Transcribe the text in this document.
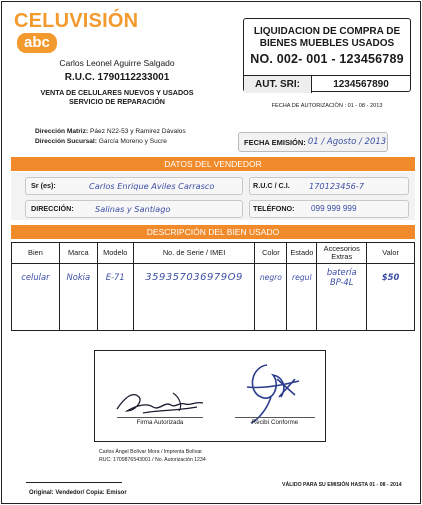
CELUVISIÓNabc
Carlos Leonel Aguirre Salgado
R.U.C. 1790112233001
VENTA DE CELULARES NUEVOS Y USADOS
SERVICIO DE REPARACIÓN
LIQUIDACION DE COMPRA DE
BIENES MUEBLES USADOS
NO. 002- 001 - 123456789
AUT. SRI:	1234567890
FECHA DE AUTORIZACIÓN : 01 - 08 - 2013
Dirección Matriz: Páez N22-53 y Ramirez Dávalos
Dirección Sucursal: García Moreno y Sucre	FECHA EMISIÓN: 01 / Agosto / 2013
DATOS DEL VENDEDOR
Sr (es):	Carlos Enrique Aviles Carrasco	R.U.C / C.I. 170123456-7
DIRECCIÓN:	Salinas y Santiago	TELÉFONO: 099 999 999
DESCRIPCIÓN DEL BIEN USADO
Bien	Marca	Modelo	No. de Serie / IMEI	Color	Estado	Accesorios Extras	Valor
celular	Nokia	E-71	359357036979O9	negro	regul	batería BP-4L	$50
Firma Autorizada	Recibí Conforme
Carlos Ángel Bolívar Mora / Imprenta Bolívar
RUC: 1709876543001 / No. Autorización 1234
VÁLIDO PARA SU EMISIÓN HASTA 01 - 08 - 2014
Original: Vendedor/ Copia: Emisor
